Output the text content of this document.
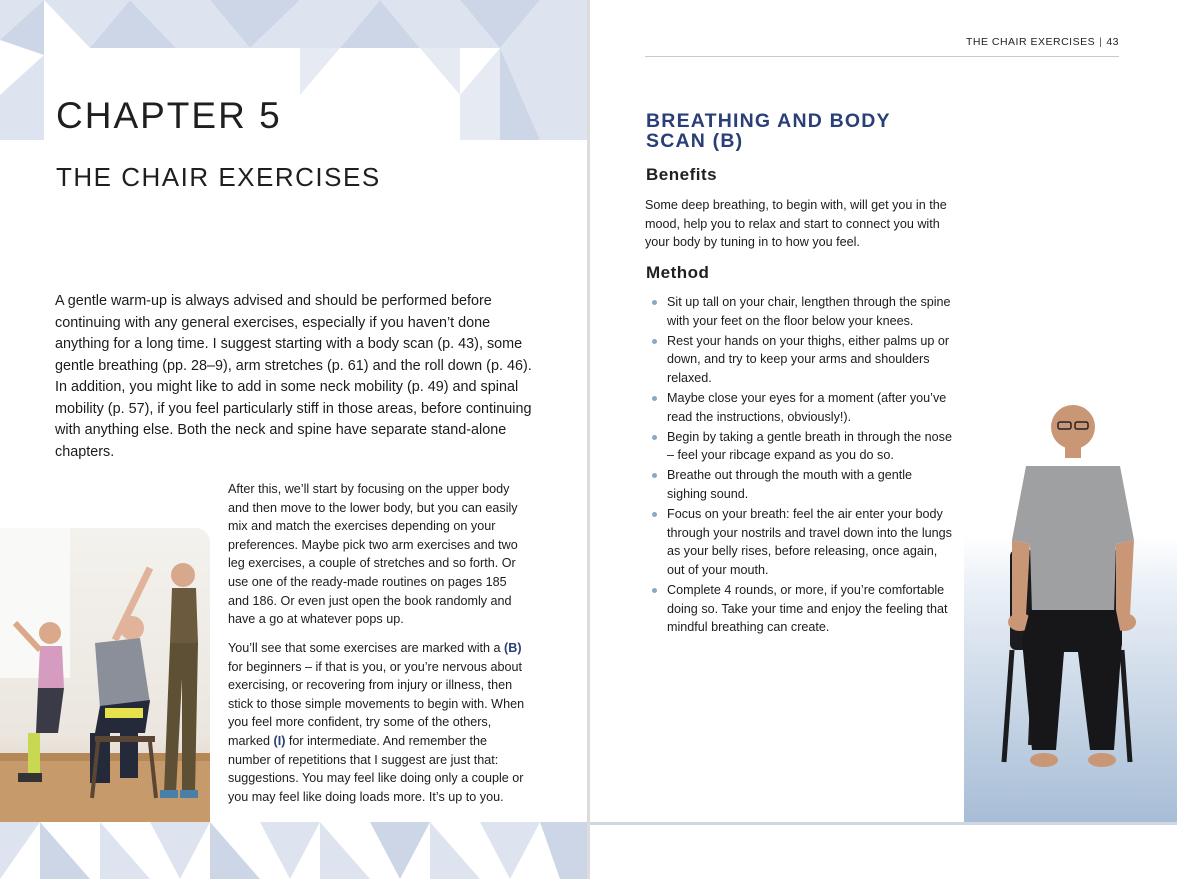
CHAPTER 5
THE CHAIR EXERCISES

A gentle warm-up is always advised and should be performed before continuing with any general exercises, especially if you haven’t done anything for a long time. I suggest starting with a body scan (p. 43), some gentle breathing (pp. 28–9), arm stretches (p. 61) and the roll down (p. 46). In addition, you might like to add in some neck mobility (p. 49) and spinal mobility (p. 57), if you feel particularly stiff in those areas, before continuing with anything else. Both the neck and spine have separate stand-alone chapters.

After this, we’ll start by focusing on the upper body and then move to the lower body, but you can easily mix and match the exercises depending on your preferences. Maybe pick two arm exercises and two leg exercises, a couple of stretches and so forth. Or use one of the ready-made routines on pages 185 and 186. Or even just open the book randomly and have a go at whatever pops up.

You’ll see that some exercises are marked with a (B) for beginners – if that is you, or you’re nervous about exercising, or recovering from injury or illness, then stick to those simple movements to begin with. When you feel more confident, try some of the others, marked (I) for intermediate. And remember the number of repetitions that I suggest are just that: suggestions. You may feel like doing only a couple or you may feel like doing loads more. It’s up to you.

THE CHAIR EXERCISES | 43
BREATHING AND BODY
SCAN (B)
Benefits

Some deep breathing, to begin with, will get you in the mood, help you to relax and start to connect you with your body by tuning in to how you feel.

Method
Sit up tall on your chair, lengthen through the spine with your feet on the floor below your knees.
Rest your hands on your thighs, either palms up or down, and try to keep your arms and shoulders relaxed.
Maybe close your eyes for a moment (after you’ve read the instructions, obviously!).
Begin by taking a gentle breath in through the nose – feel your ribcage expand as you do so.
Breathe out through the mouth with a gentle sighing sound.
Focus on your breath: feel the air enter your body through your nostrils and travel down into the lungs as your belly rises, before releasing, once again, out of your mouth.
Complete 4 rounds, or more, if you’re comfortable doing so. Take your time and enjoy the feeling that mindful breathing can create.
